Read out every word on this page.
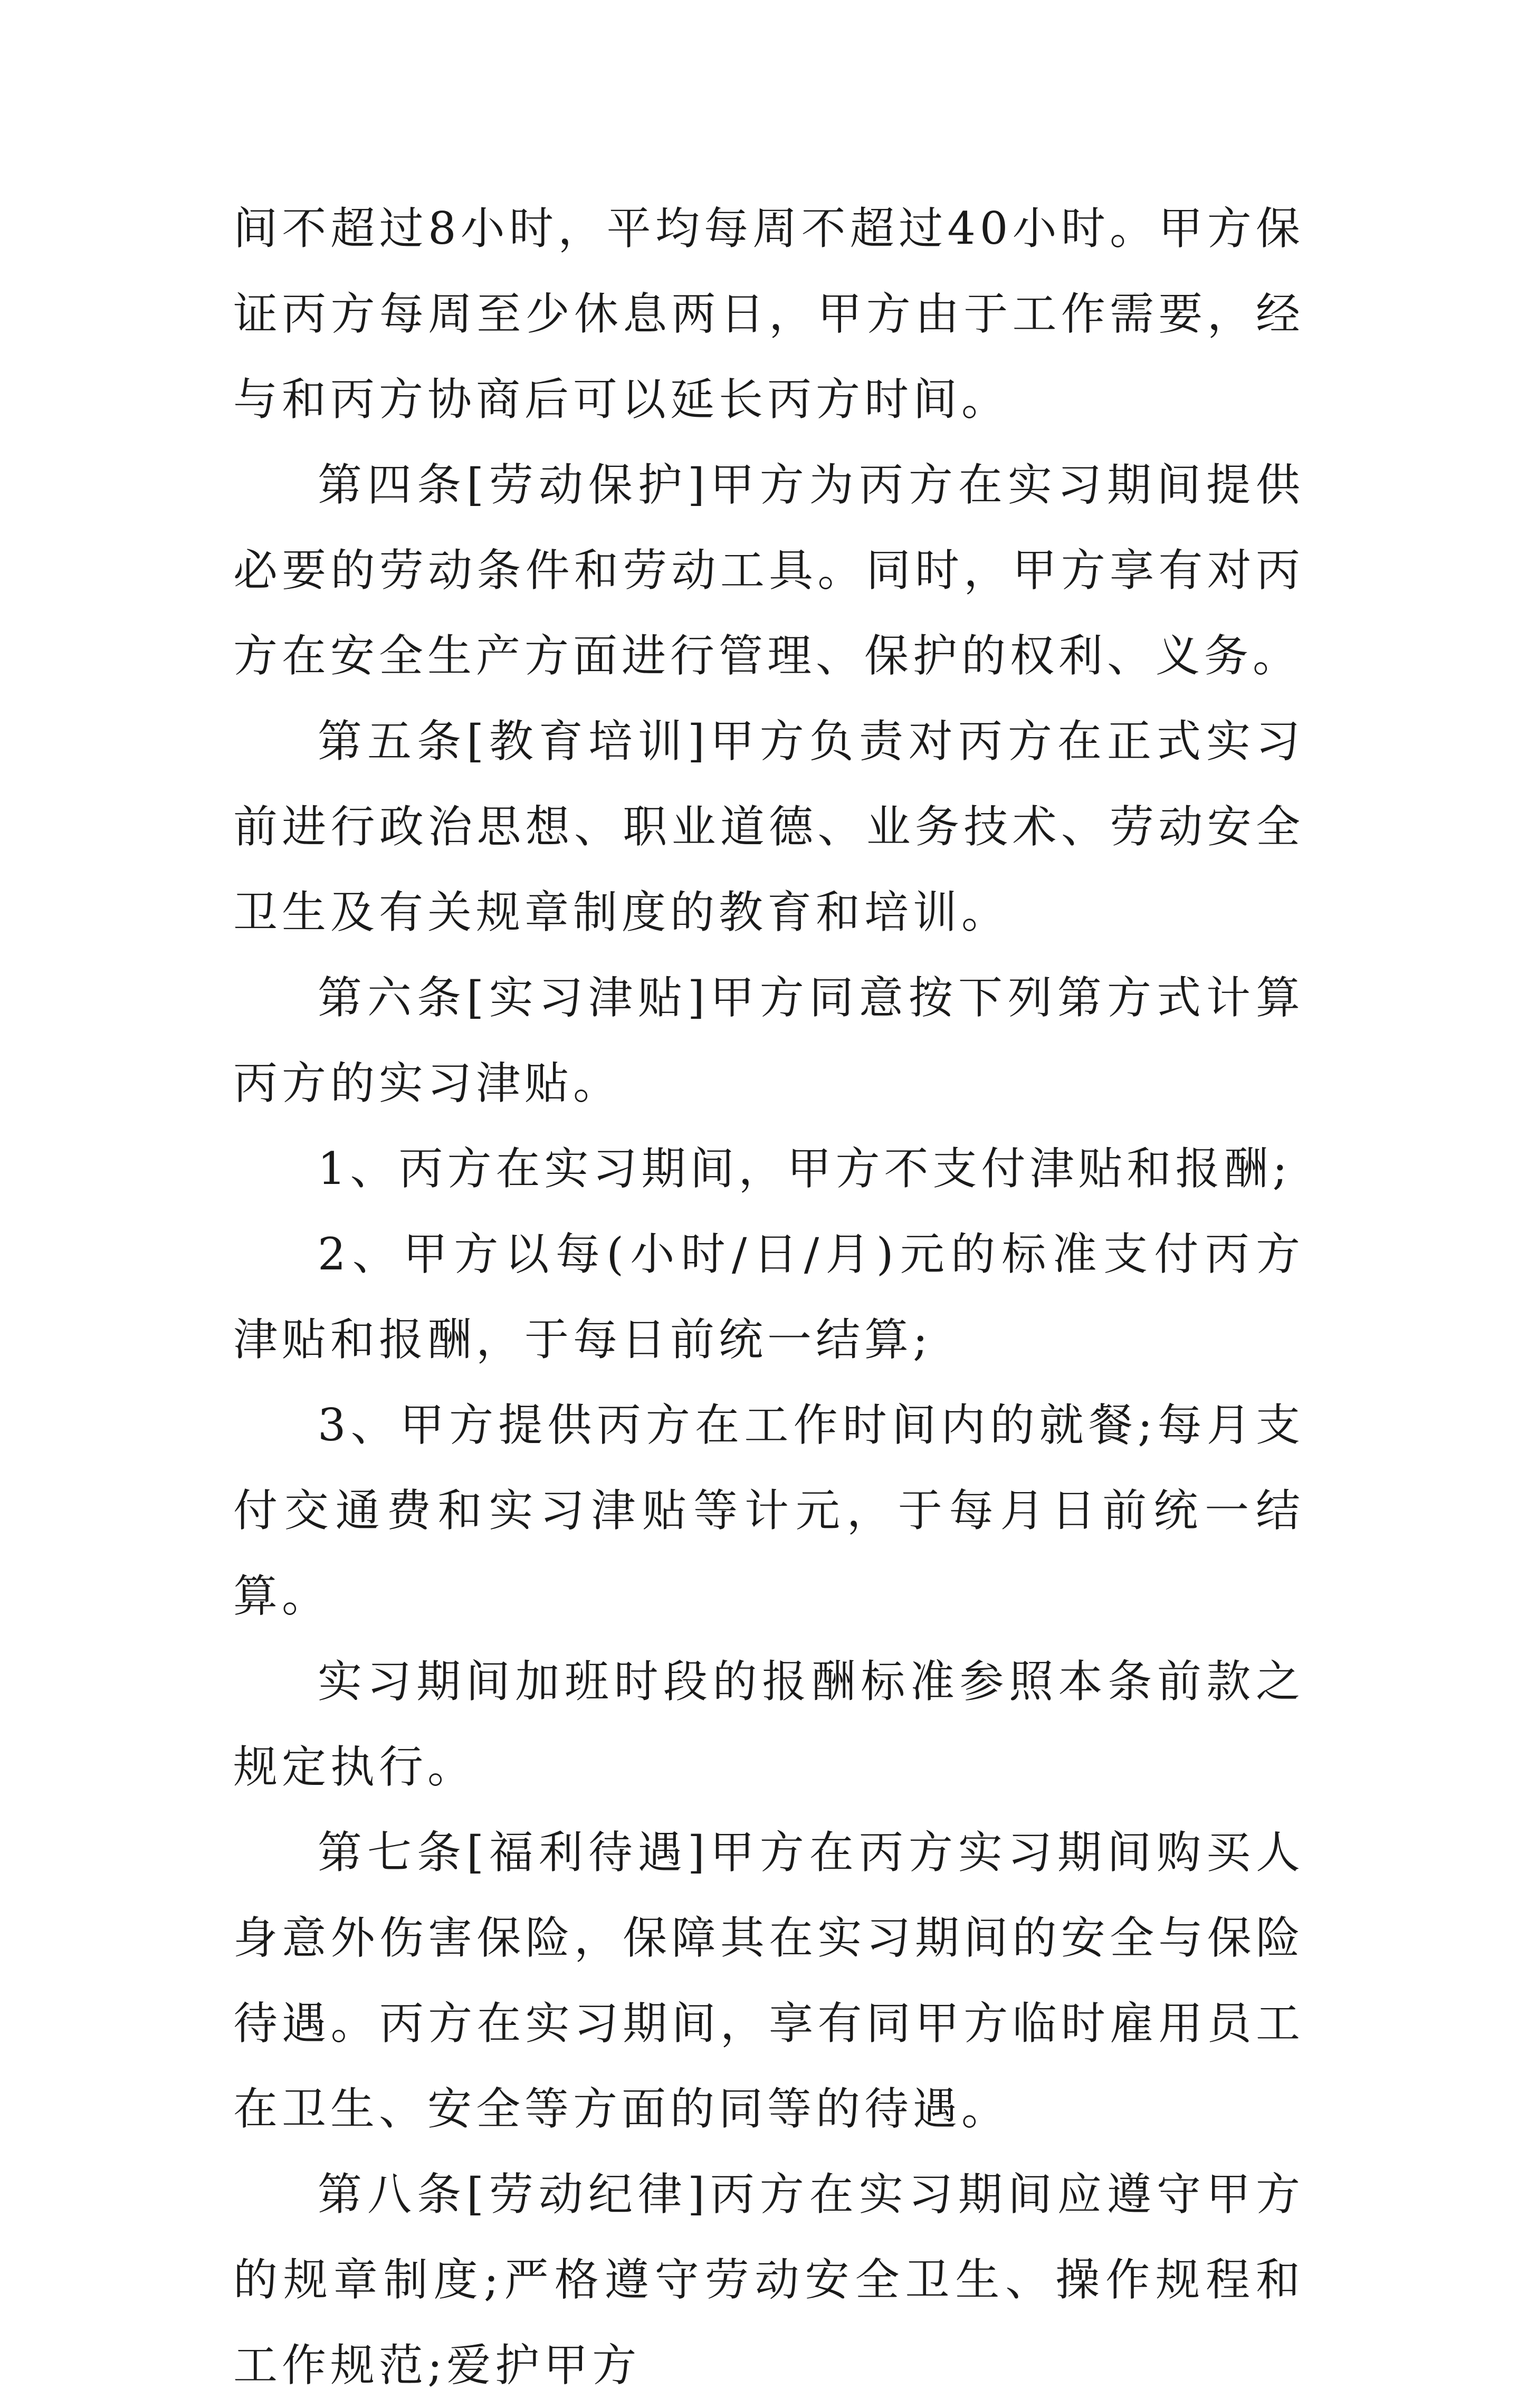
间不超过8小时，平均每周不超过40小时。甲方保证丙方每周至少休息两日，甲方由于工作需要，经与和丙方协商后可以延长丙方时间。

第四条[劳动保护]甲方为丙方在实习期间提供必要的劳动条件和劳动工具。同时，甲方享有对丙方在安全生产方面进行管理、保护的权利、义务。

第五条[教育培训]甲方负责对丙方在正式实习前进行政治思想、职业道德、业务技术、劳动安全卫生及有关规章制度的教育和培训。

第六条[实习津贴]甲方同意按下列第方式计算丙方的实习津贴。

1、丙方在实习期间，甲方不支付津贴和报酬;

2、甲方以每(小时/日/月)元的标准支付丙方津贴和报酬，于每日前统一结算;

3、甲方提供丙方在工作时间内的就餐;每月支付交通费和实习津贴等计元，于每月日前统一结算。

实习期间加班时段的报酬标准参照本条前款之规定执行。

第七条[福利待遇]甲方在丙方实习期间购买人身意外伤害保险，保障其在实习期间的安全与保险待遇。丙方在实习期间，享有同甲方临时雇用员工在卫生、安全等方面的同等的待遇。

第八条[劳动纪律]丙方在实习期间应遵守甲方的规章制度;严格遵守劳动安全卫生、操作规程和工作规范;爱护甲方
